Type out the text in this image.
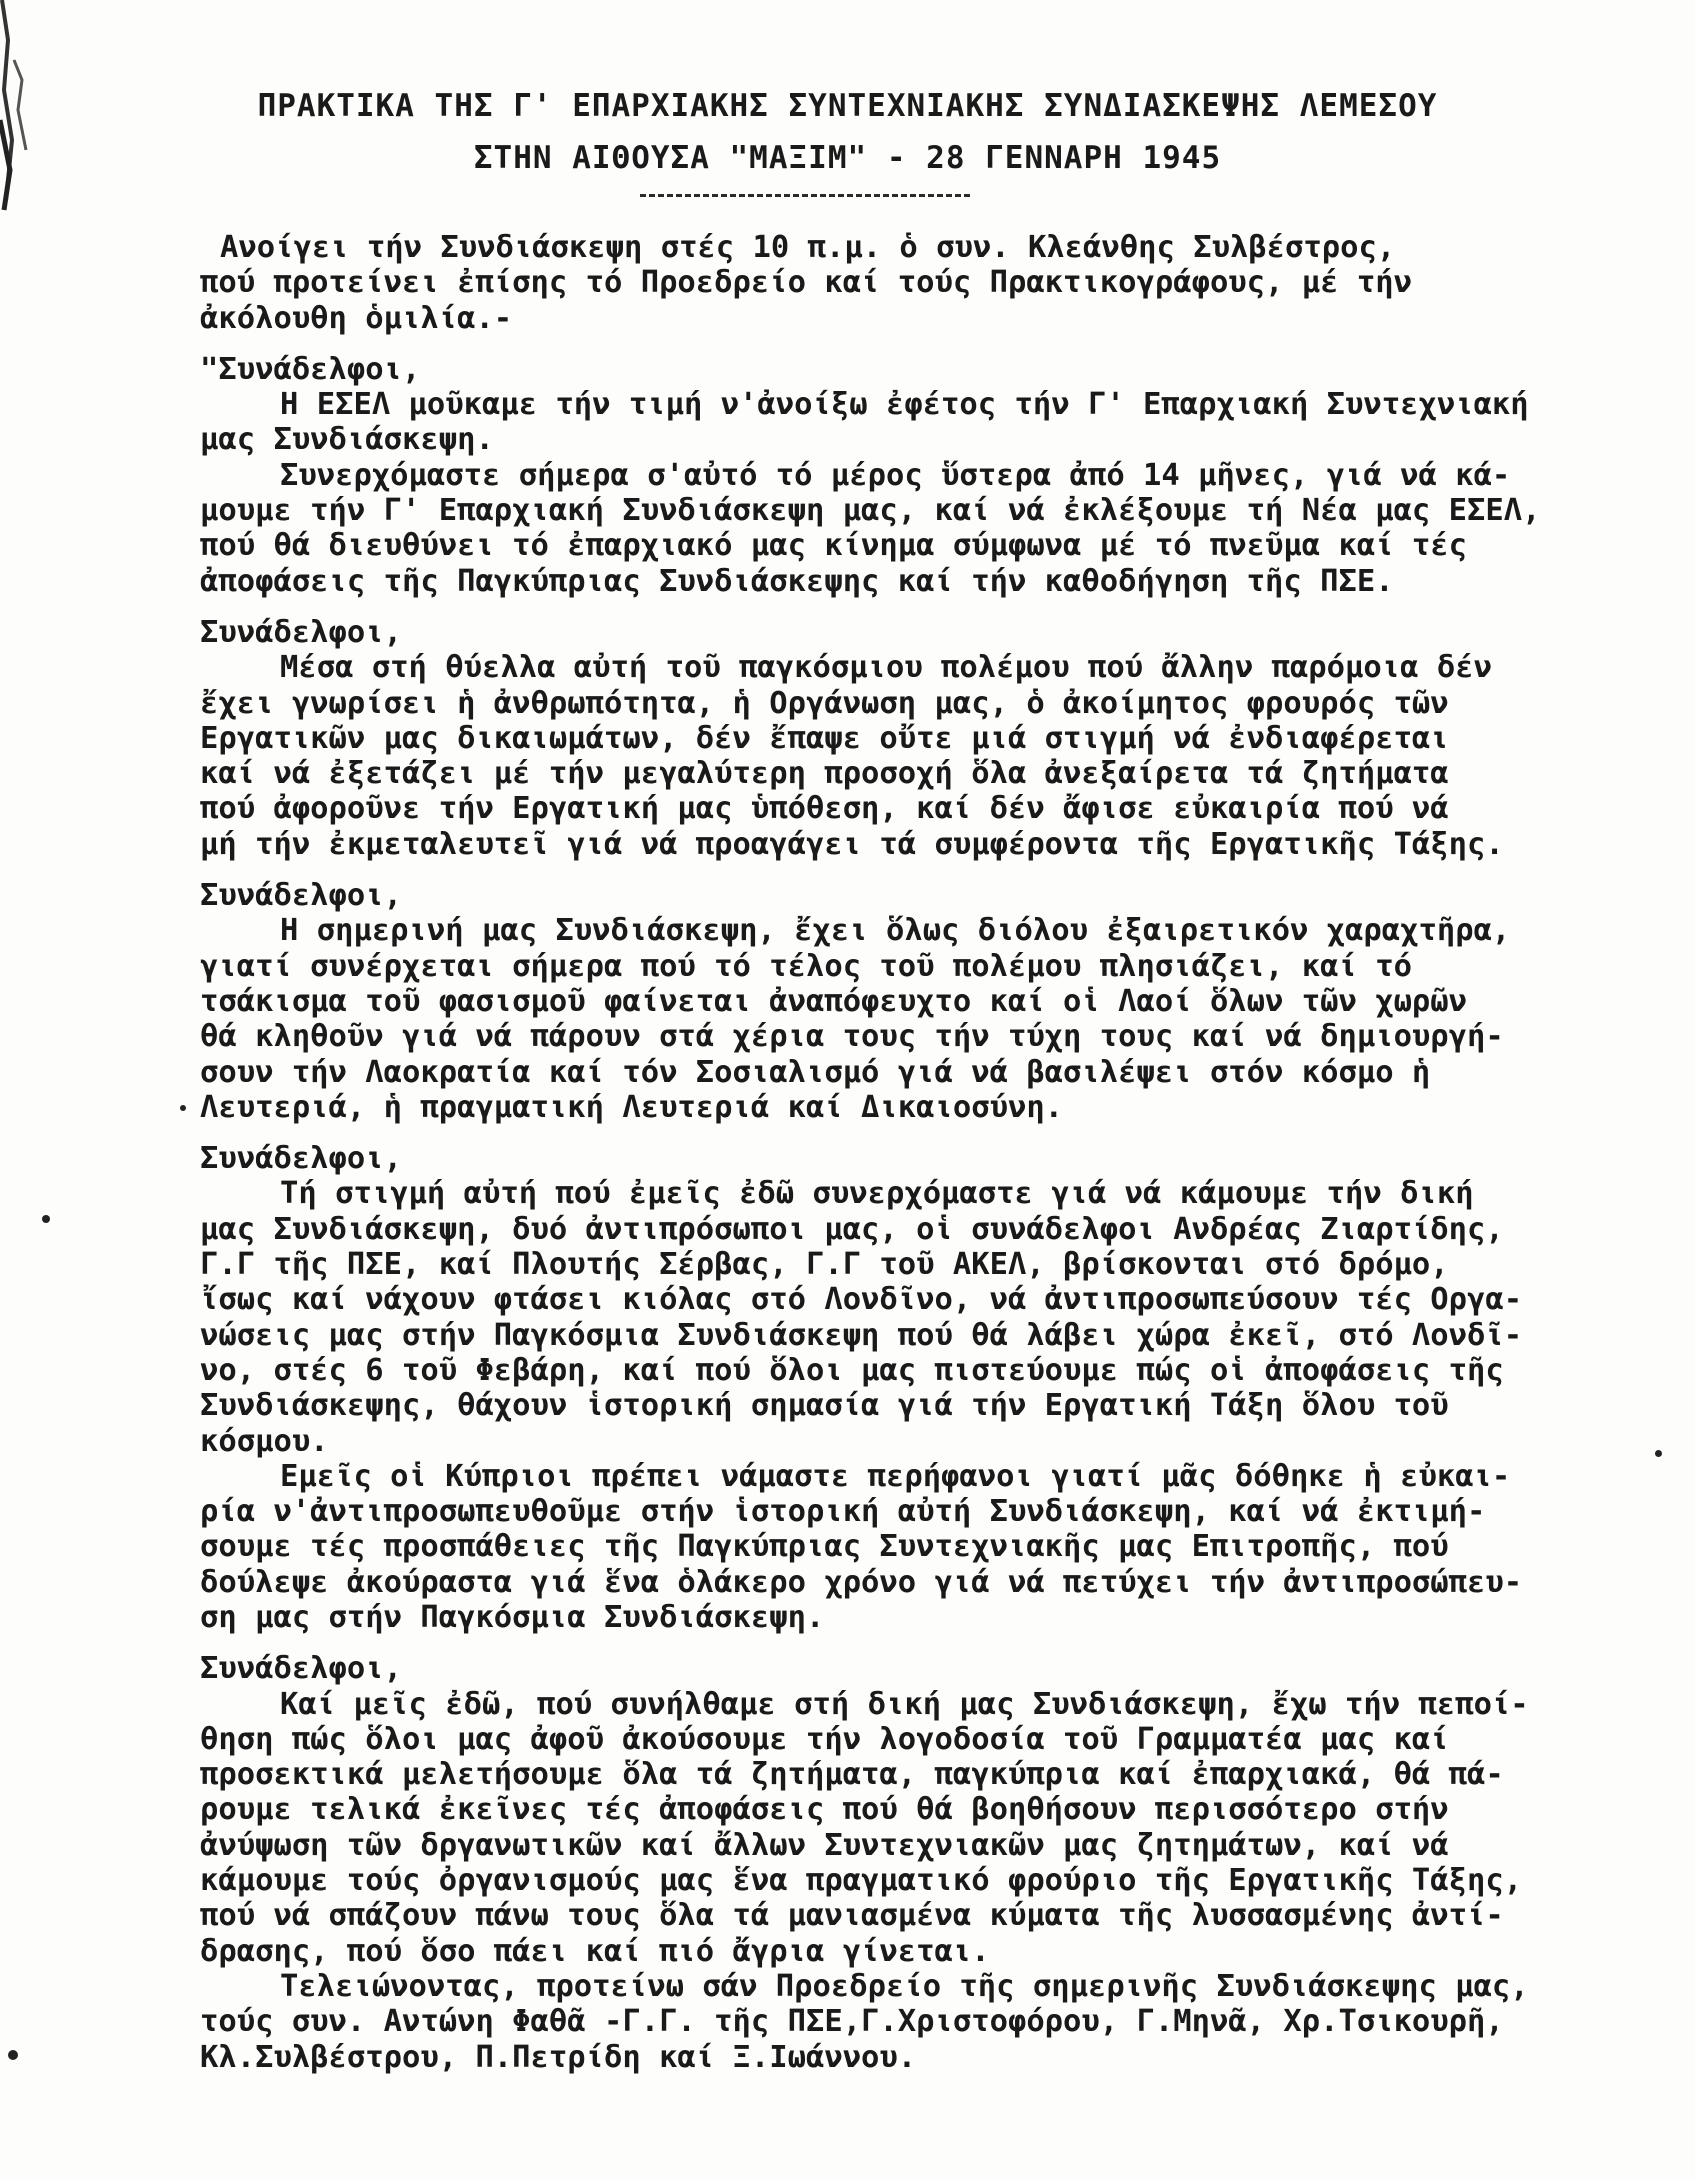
ΠΡΑΚΤΙΚΑ ΤΗΣ Γ' ΕΠΑΡΧΙΑΚΗΣ ΣΥΝΤΕΧΝΙΑΚΗΣ ΣΥΝΔΙΑΣΚΕΨΗΣ ΛΕΜΕΣΟΥ
ΣΤΗΝ ΑΙΘΟΥΣΑ "ΜΑΞΙΜ" - 28 ΓΕΝΝΑΡΗ 1945
Ανοίγει τήν Συνδιάσκεψη στές 10 π.μ. ὁ συν. Κλεάνθης Συλβέστρος,
πού προτείνει ἐπίσης τό Προεδρείο καί τούς Πρακτικογράφους, μέ τήν
ἀκόλουθη ὁμιλία.-
"Συνάδελφοι,
Η ΕΣΕΛ μοῦκαμε τήν τιμή ν'ἀνοίξω ἐφέτος τήν Γ' Επαρχιακή Συντεχνιακή
μας Συνδιάσκεψη.
Συνερχόμαστε σήμερα σ'αὐτό τό μέρος ὕστερα ἀπό 14 μῆνες, γιά νά κά-
μουμε τήν Γ' Επαρχιακή Συνδιάσκεψη μας, καί νά ἐκλέξουμε τή Νέα μας ΕΣΕΛ,
πού θά διευθύνει τό ἐπαρχιακό μας κίνημα σύμφωνα μέ τό πνεῦμα καί τές
ἀποφάσεις τῆς Παγκύπριας Συνδιάσκεψης καί τήν καθοδήγηση τῆς ΠΣΕ.
Συνάδελφοι,
Μέσα στή θύελλα αὐτή τοῦ παγκόσμιου πολέμου πού ἄλλην παρόμοια δέν
ἔχει γνωρίσει ἡ ἀνθρωπότητα, ἡ Οργάνωση μας, ὁ ἀκοίμητος φρουρός τῶν
Εργατικῶν μας δικαιωμάτων, δέν ἔπαψε οὔτε μιά στιγμή νά ἐνδιαφέρεται
καί νά ἐξετάζει μέ τήν μεγαλύτερη προσοχή ὅλα ἀνεξαίρετα τά ζητήματα
πού ἀφοροῦνε τήν Εργατική μας ὑπόθεση, καί δέν ἄφισε εὐκαιρία πού νά
μή τήν ἐκμεταλευτεῖ γιά νά προαγάγει τά συμφέροντα τῆς Εργατικῆς Τάξης.
Συνάδελφοι,
Η σημερινή μας Συνδιάσκεψη, ἔχει ὅλως διόλου ἐξαιρετικόν χαραχτῆρα,
γιατί συνέρχεται σήμερα πού τό τέλος τοῦ πολέμου πλησιάζει, καί τό
τσάκισμα τοῦ φασισμοῦ φαίνεται ἀναπόφευχτο καί οἱ Λαοί ὅλων τῶν χωρῶν
θά κληθοῦν γιά νά πάρουν στά χέρια τους τήν τύχη τους καί νά δημιουργή-
σουν τήν Λαοκρατία καί τόν Σοσιαλισμό γιά νά βασιλέψει στόν κόσμο ἡ
Λευτεριά, ἡ πραγματική Λευτεριά καί Δικαιοσύνη.
Συνάδελφοι,
Τή στιγμή αὐτή πού ἐμεῖς ἐδῶ συνερχόμαστε γιά νά κάμουμε τήν δική
μας Συνδιάσκεψη, δυό ἀντιπρόσωποι μας, οἱ συνάδελφοι Ανδρέας Ζιαρτίδης,
Γ.Γ τῆς ΠΣΕ, καί Πλουτής Σέρβας, Γ.Γ τοῦ ΑΚΕΛ, βρίσκονται στό δρόμο,
ἴσως καί νάχουν φτάσει κιόλας στό Λονδῖνο, νά ἀντιπροσωπεύσουν τές Οργα-
νώσεις μας στήν Παγκόσμια Συνδιάσκεψη πού θά λάβει χώρα ἐκεῖ, στό Λονδῖ-
νο, στές 6 τοῦ Φεβάρη, καί πού ὅλοι μας πιστεύουμε πώς οἱ ἀποφάσεις τῆς
Συνδιάσκεψης, θάχουν ἱστορική σημασία γιά τήν Εργατική Τάξη ὅλου τοῦ
κόσμου.
Εμεῖς οἱ Κύπριοι πρέπει νάμαστε περήφανοι γιατί μᾶς δόθηκε ἡ εὐκαι-
ρία ν'ἀντιπροσωπευθοῦμε στήν ἱστορική αὐτή Συνδιάσκεψη, καί νά ἐκτιμή-
σουμε τές προσπάθειες τῆς Παγκύπριας Συντεχνιακῆς μας Επιτροπῆς, πού
δούλεψε ἀκούραστα γιά ἕνα ὁλάκερο χρόνο γιά νά πετύχει τήν ἀντιπροσώπευ-
ση μας στήν Παγκόσμια Συνδιάσκεψη.
Συνάδελφοι,
Καί μεῖς ἐδῶ, πού συνήλθαμε στή δική μας Συνδιάσκεψη, ἔχω τήν πεποί-
θηση πώς ὅλοι μας ἀφοῦ ἀκούσουμε τήν λογοδοσία τοῦ Γραμματέα μας καί
προσεκτικά μελετήσουμε ὅλα τά ζητήματα, παγκύπρια καί ἐπαρχιακά, θά πά-
ρουμε τελικά ἐκεῖνες τές ἀποφάσεις πού θά βοηθήσουν περισσότερο στήν
ἀνύψωση τῶν δργανωτικῶν καί ἄλλων Συντεχνιακῶν μας ζητημάτων, καί νά
κάμουμε τούς ὀργανισμούς μας ἕνα πραγματικό φρούριο τῆς Εργατικῆς Τάξης,
πού νά σπάζουν πάνω τους ὅλα τά μανιασμένα κύματα τῆς λυσσασμένης ἀντί-
δρασης, πού ὅσο πάει καί πιό ἄγρια γίνεται.
Τελειώνοντας, προτείνω σάν Προεδρείο τῆς σημερινῆς Συνδιάσκεψης μας,
τούς συν. Αντώνη Φαθᾶ -Γ.Γ. τῆς ΠΣΕ,Γ.Χριστοφόρου, Γ.Μηνᾶ, Χρ.Τσικουρῆ,
Κλ.Συλβέστρου, Π.Πετρίδη καί Ξ.Ιωάννου.
